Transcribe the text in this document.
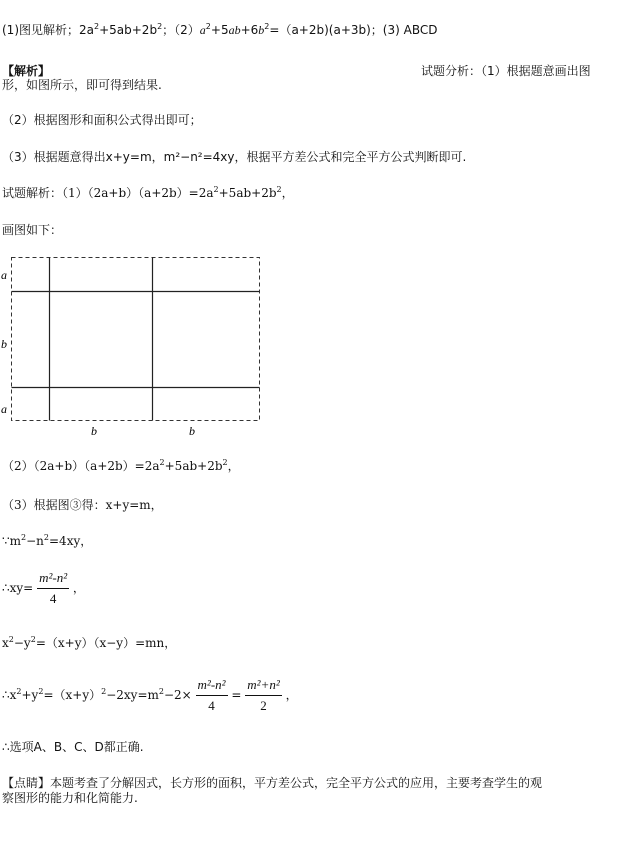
(1)图见解析；$2a^2+5ab+2b^2$；$(2)a^2+5ab+6b^2=(a+2b)(a+3b)$；(3) ABCD
【解析】	试题分析：（1）根据题意画出图
形，如图所示，即可得到结果.
（2）根据图形和面积公式得出即可；
（3）根据题意得出x+y=m，m²−n²=4xy，根据平方差公式和完全平方公式判断即可.
试题解析：$(1)(2a+b)(a+2b)=2a^2+5ab+2b^2$，
画图如下：
a
b
a
b	b
$(2)(2a+b)(a+2b)=2a^2+5ab+2b^2$，
（3）根据图③得：x+y=m，
$\because m^2-n^2=4xy$，
∴xy= $\frac{\text{m²-n²}}{4}$ ，
$x^2-y^2=(x+y)(x-y)=mn$，
$\therefore x^2+y^2=(x+y)^2-2xy=m^2-2\times \frac{\text{m²-n²}}{4} = \frac{\text{m²+n²}}{2}$ ，
∴选项A、B、C、D都正确.
【点睛】本题考查了分解因式，长方形的面积，平方差公式，完全平方公式的应用，主要考查学生的观
察图形的能力和化简能力.
